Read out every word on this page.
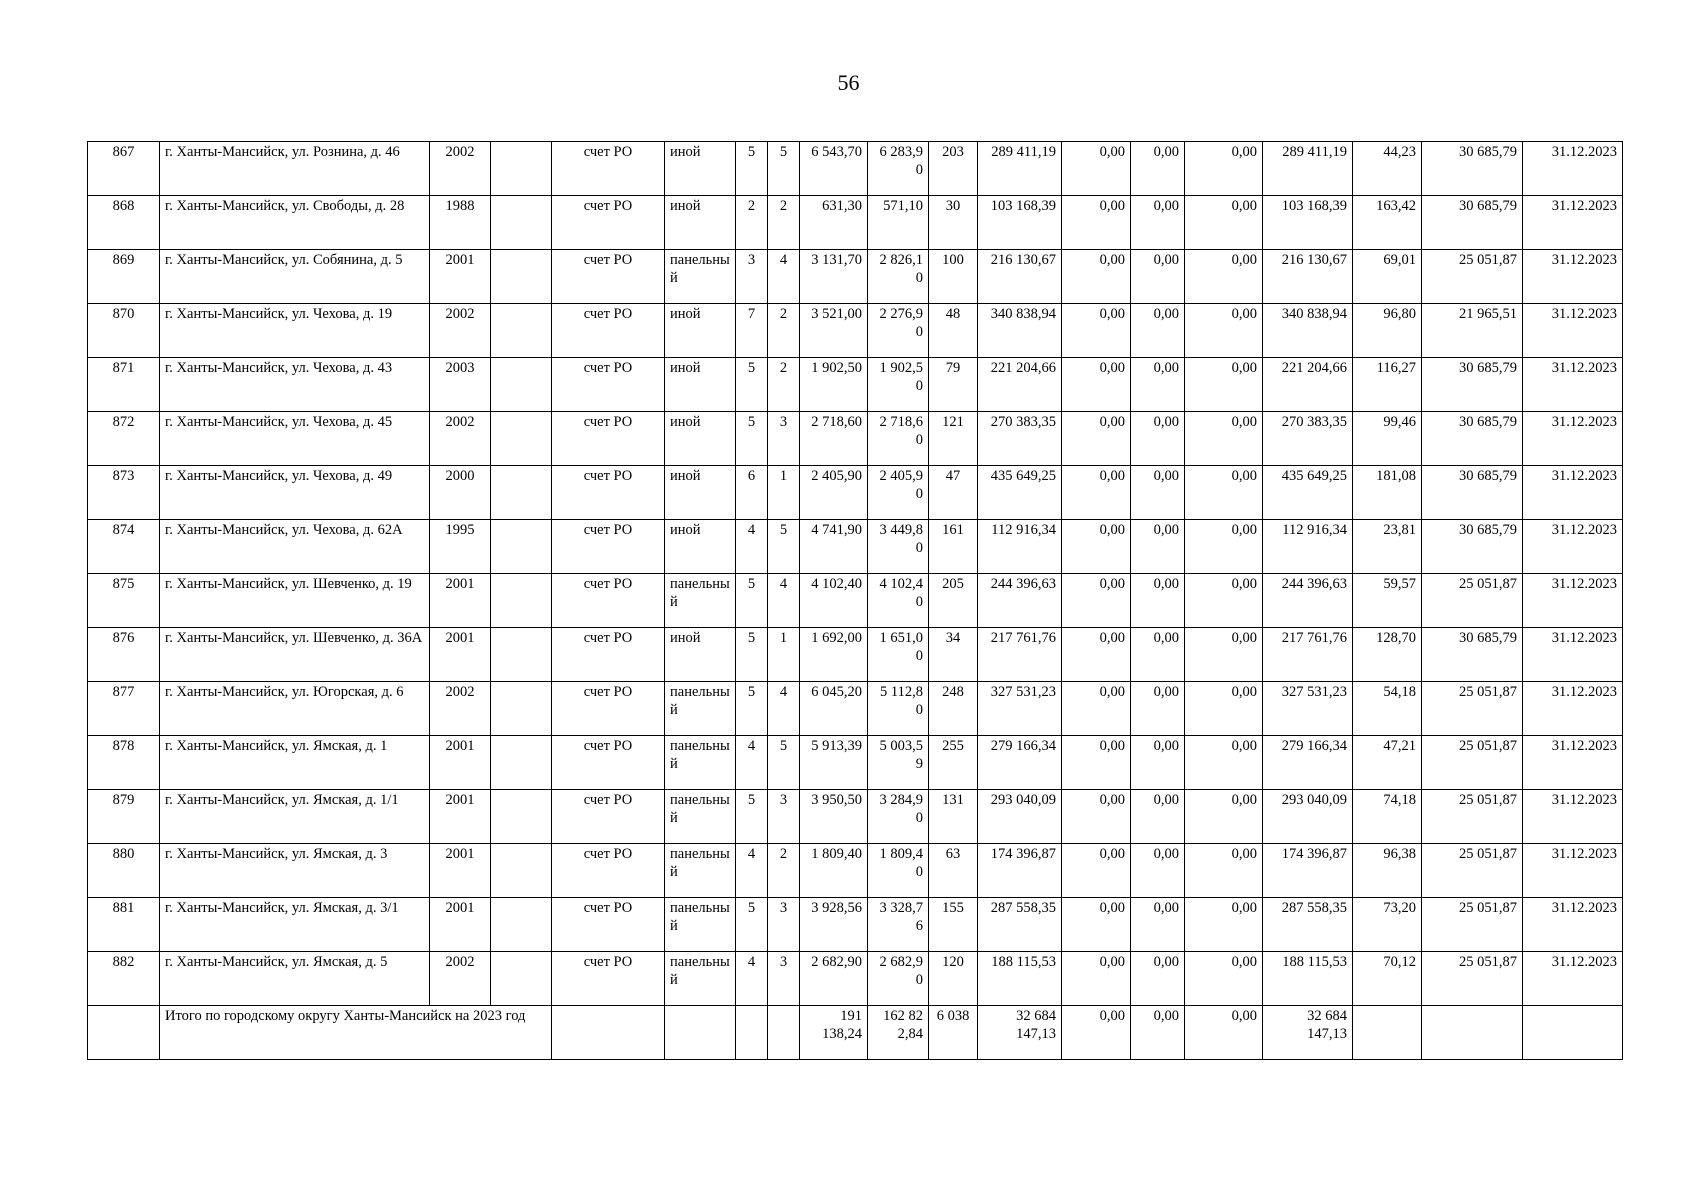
56
867	г. Ханты-Мансийск, ул. Рознина, д. 46	2002		счет РО	иной	5	5	6 543,70	6 283,90	203	289 411,19	0,00	0,00	0,00	289 411,19	44,23	30 685,79	31.12.2023
868	г. Ханты-Мансийск, ул. Свободы, д. 28	1988		счет РО	иной	2	2	631,30	571,10	30	103 168,39	0,00	0,00	0,00	103 168,39	163,42	30 685,79	31.12.2023
869	г. Ханты-Мансийск, ул. Собянина, д. 5	2001		счет РО	панельный	3	4	3 131,70	2 826,10	100	216 130,67	0,00	0,00	0,00	216 130,67	69,01	25 051,87	31.12.2023
870	г. Ханты-Мансийск, ул. Чехова, д. 19	2002		счет РО	иной	7	2	3 521,00	2 276,90	48	340 838,94	0,00	0,00	0,00	340 838,94	96,80	21 965,51	31.12.2023
871	г. Ханты-Мансийск, ул. Чехова, д. 43	2003		счет РО	иной	5	2	1 902,50	1 902,50	79	221 204,66	0,00	0,00	0,00	221 204,66	116,27	30 685,79	31.12.2023
872	г. Ханты-Мансийск, ул. Чехова, д. 45	2002		счет РО	иной	5	3	2 718,60	2 718,60	121	270 383,35	0,00	0,00	0,00	270 383,35	99,46	30 685,79	31.12.2023
873	г. Ханты-Мансийск, ул. Чехова, д. 49	2000		счет РО	иной	6	1	2 405,90	2 405,90	47	435 649,25	0,00	0,00	0,00	435 649,25	181,08	30 685,79	31.12.2023
874	г. Ханты-Мансийск, ул. Чехова, д. 62А	1995		счет РО	иной	4	5	4 741,90	3 449,80	161	112 916,34	0,00	0,00	0,00	112 916,34	23,81	30 685,79	31.12.2023
875	г. Ханты-Мансийск, ул. Шевченко, д. 19	2001		счет РО	панельный	5	4	4 102,40	4 102,40	205	244 396,63	0,00	0,00	0,00	244 396,63	59,57	25 051,87	31.12.2023
876	г. Ханты-Мансийск, ул. Шевченко, д. 36А	2001		счет РО	иной	5	1	1 692,00	1 651,00	34	217 761,76	0,00	0,00	0,00	217 761,76	128,70	30 685,79	31.12.2023
877	г. Ханты-Мансийск, ул. Югорская, д. 6	2002		счет РО	панельный	5	4	6 045,20	5 112,80	248	327 531,23	0,00	0,00	0,00	327 531,23	54,18	25 051,87	31.12.2023
878	г. Ханты-Мансийск, ул. Ямская, д. 1	2001		счет РО	панельный	4	5	5 913,39	5 003,59	255	279 166,34	0,00	0,00	0,00	279 166,34	47,21	25 051,87	31.12.2023
879	г. Ханты-Мансийск, ул. Ямская, д. 1/1	2001		счет РО	панельный	5	3	3 950,50	3 284,90	131	293 040,09	0,00	0,00	0,00	293 040,09	74,18	25 051,87	31.12.2023
880	г. Ханты-Мансийск, ул. Ямская, д. 3	2001		счет РО	панельный	4	2	1 809,40	1 809,40	63	174 396,87	0,00	0,00	0,00	174 396,87	96,38	25 051,87	31.12.2023
881	г. Ханты-Мансийск, ул. Ямская, д. 3/1	2001		счет РО	панельный	5	3	3 928,56	3 328,76	155	287 558,35	0,00	0,00	0,00	287 558,35	73,20	25 051,87	31.12.2023
882	г. Ханты-Мансийск, ул. Ямская, д. 5	2002		счет РО	панельный	4	3	2 682,90	2 682,90	120	188 115,53	0,00	0,00	0,00	188 115,53	70,12	25 051,87	31.12.2023
	Итого по городскому округу Ханты-Мансийск на 2023 год							191 138,24	162 822,84	6 038	32 684 147,13	0,00	0,00	0,00	32 684 147,13			
